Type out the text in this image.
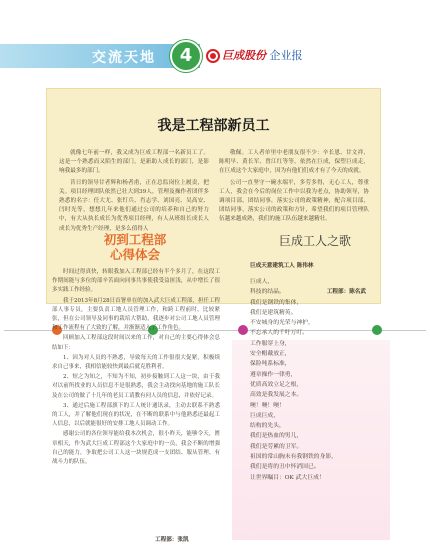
交流天地	4	巨成股份 企业报
我是工程部新员工

就像七年前一样，我又成为巨成工程部一名新员工了。这是一个熟悉而又陌生的部门，是新助人成长的部门，是影响我最多的部门。

昔日的领导甘者辉和杨者甫，正在总监岗位上履责，把关。项目经理团队依然已壮大到39人，管理及操作者团伴多熟悉的名字：任大尤、张钉兵、肖志学、刘国亮、吴高安、闫时光等，想想几年来他们通过公司的培养和自己的努力中，有大从执长成长为优秀项目经理，有人从班组长成长人成长为优秀生产经理，是多么值得人

敬佩。工人者单里中老朋友很不少：辛长恩、甘文祥、陈明早、黄长军、曾江红等等，依然在巨成，保塑巨成走，在巨成这个大家庭中，因为有他们们成才有了今天的成就。

公司一直坚守一碗水端平，多劳多得，无心工人，尊重工人，我会在今后的岗位工作中以我为老点，协助领导，协调项目部，团结同事，落实公司的政策精神，配合项目部，团结同事，落实公司的政策和方针，希望我们的项目管理队伍越来越成熟，我们的施工队伍越来越精壮。

工程部：陈名武
初到工程部
心得体会

时间过得真快，转眼我加入工程部已经有半个多月了，在这段工作期间能与多位的部辛苦面向同事共事使我受益匪浅，从中增长了很多实践工作经验。

我于2013年8月28日首署单在的加入武大巨成工程部，担任工程部人事专员，主要负责工地人员管理工作，和跨工程前时，比较紧张，但在公司领导及同事的栽培大帮助，我逐步对公司工地人员管理和工作流程有了大致的了解，并渐渐适入了工作角色。

回顾加入工程部这段时间以来的工作，对自己的主要心得体会总结如下：

1、因为对人员的不熟悉，导致每天的工作很很大促紧，积极续求自己事来，我相信能较快到最后就克胜利者。

2、短之为知之，不知为不知，初步接触到工人这一块，由于我对以前所找业的人员信息不是很熟悉，我会主动找向基地的施工队长及在公司的做了十几年的老员工请教有问人员的信息，并依好记录。

3、通过后施工程部旗下的工人统计通讯录，主动去联系不熟悉的工人，并了解他们现在的状况，在不断的联系中与他熟悉还最起工人信息，以后就能很好的安排工地人员调动工作。

感谢公司的各位领导能给我本次机会，很小昨天，能够令天，匮章相天，作为武大巨成工程部这个大家庭中的一员，我会不断的增强自己的能力，争取把公司工人这一块规范成一支团结、服从管理、有战斗力的队伍。

工程部：张凯
巨成工人之歌
巨成天意建筑工人 陈伟林
巨成人，
科技的结晶。
我们是钢铁的集体，
我们是建筑精英。
不安城身的光荣与神护，
不忘承人的千吁万叮。
工作服穿上身，
安全帽戴放正，
保险吨系标准，
遵章操作一律勇，
优质高效立足之根，
高效是我发展之本。
噢！噢！噢！
巨成巨成，
结构的先头，
我们是热血的男儿，
我们是劳累的卫军。
祖国的常山胸未有我钢铁的身影，
我们是将的丑中怀消国已。
让世界瞩目：OK 武大巨成！
